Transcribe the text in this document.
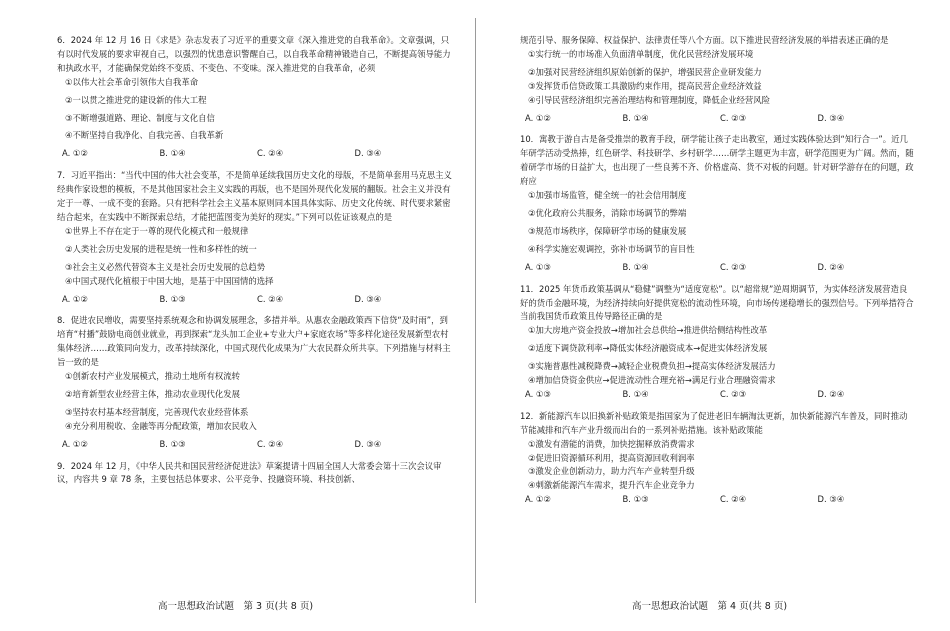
6．2024 年 12 月 16 日《求是》杂志发表了习近平的重要文章《深入推进党的自我革命》。文章强调，只有以时代发展的要求审视自己，以强烈的忧患意识警醒自己，以自我革命精神锻造自己，不断提高领导能力和执政水平，才能确保党始终不变质、不变色、不变味。深入推进党的自我革命，必须

①以伟大社会革命引领伟大自我革命
②一以贯之推进党的建设新的伟大工程
③不断增强道路、理论、制度与文化自信
④不断坚持自我净化、自我完善、自我革新
A. ①②	B. ①④	C. ②④	D. ③④

7．习近平指出：“当代中国的伟大社会变革，不是简单延续我国历史文化的母版，不是简单套用马克思主义经典作家设想的模板，不是其他国家社会主义实践的再版，也不是国外现代化发展的翻版。社会主义并没有定于一尊、一成不变的套路。只有把科学社会主义基本原则同本国具体实际、历史文化传统、时代要求紧密结合起来，在实践中不断探索总结，才能把蓝图变为美好的现实。”下列可以佐证该观点的是

①世界上不存在定于一尊的现代化模式和一般规律
②人类社会历史发展的进程是统一性和多样性的统一
③社会主义必然代替资本主义是社会历史发展的总趋势
④中国式现代化植根于中国大地，是基于中国国情的选择
A. ①②	B. ①③	C. ②④	D. ③④

8．促进农民增收，需要坚持系统观念和协调发展理念，多措并举。从惠农金融政策西下信贷“及时雨”，到培育“村播”鼓励电商创业就业，再到探索“龙头加工企业+专业大户+家庭农场”等多样化途径发展新型农村集体经济……政策同向发力，改革持续深化，中国式现代化成果为广大农民群众所共享。下列措施与材料主旨一致的是

①创新农村产业发展模式，推动土地所有权流转
②培育新型农业经营主体，推动农业现代化发展
③坚持农村基本经营制度，完善现代农业经营体系
④充分利用税收、金融等再分配政策，增加农民收入
A. ①②	B. ①③	C. ②④	D. ③④

9．2024 年 12 月，《中华人民共和国民营经济促进法》草案提请十四届全国人大常委会第十三次会议审议，内容共 9 章 78 条，主要包括总体要求、公平竞争、投融资环境、科技创新、

规范引导、服务保障、权益保护、法律责任等八个方面。以下推进民营经济发展的举措表述正确的是

①实行统一的市场准入负面清单制度，优化民营经济发展环境
②加强对民营经济组织原始创新的保护，增强民营企业研发能力
③发挥货币信贷政策工具激励约束作用，提高民营企业经济效益
④引导民营经济组织完善治理结构和管理制度，降低企业经营风险
A. ①②	B. ①④	C. ②③	D. ③④

10．寓教于游自古是备受推崇的教育手段，研学能让孩子走出教室，通过实践体验达到“知行合一”。近几年研学活动受热捧，红色研学、科技研学、乡村研学……研学主题更为丰富，研学范围更为广阔。然而，随着研学市场的日益扩大，也出现了一些良莠不齐、价格虚高、货不对板的问题。针对研学游存在的问题，政府应

①加强市场监管，健全统一的社会信用制度
②优化政府公共服务，消除市场调节的弊端
③规范市场秩序，保障研学市场的健康发展
④科学实施宏观调控，弥补市场调节的盲目性
A. ①③	B. ①④	C. ②③	D. ②④

11．2025 年货币政策基调从“稳健”调整为“适度宽松”。以“超常规”逆周期调节，为实体经济发展营造良好的货币金融环境，为经济持续向好提供宽松的流动性环境，向市场传递稳增长的强烈信号。下列举措符合当前我国货币政策且传导路径正确的是

①加大房地产资金投放→增加社会总供给→推进供给侧结构性改革
②适度下调贷款利率→降低实体经济融资成本→促进实体经济发展
③实施普惠性减税降费→减轻企业税费负担→提高实体经济发展活力
④增加信贷资金供应→促进流动性合理充裕→满足行业合理融资需求
A. ①③	B. ①④	C. ②③	D. ②④

12．新能源汽车以旧换新补贴政策是指国家为了促进老旧车辆淘汰更新，加快新能源汽车普及，同时推动节能减排和汽车产业升级而出台的一系列补贴措施。该补贴政策能

①激发有潜能的消费，加快挖掘释放消费需求
②促进旧资源循环利用，提高资源回收利润率
③激发企业创新动力，助力汽车产业转型升级
④刺激新能源汽车需求，提升汽车企业竞争力
A. ①②	B. ①③	C. ②④	D. ③④
高一思想政治试题　第 3 页(共 8 页)	高一思想政治试题　第 4 页(共 8 页)
